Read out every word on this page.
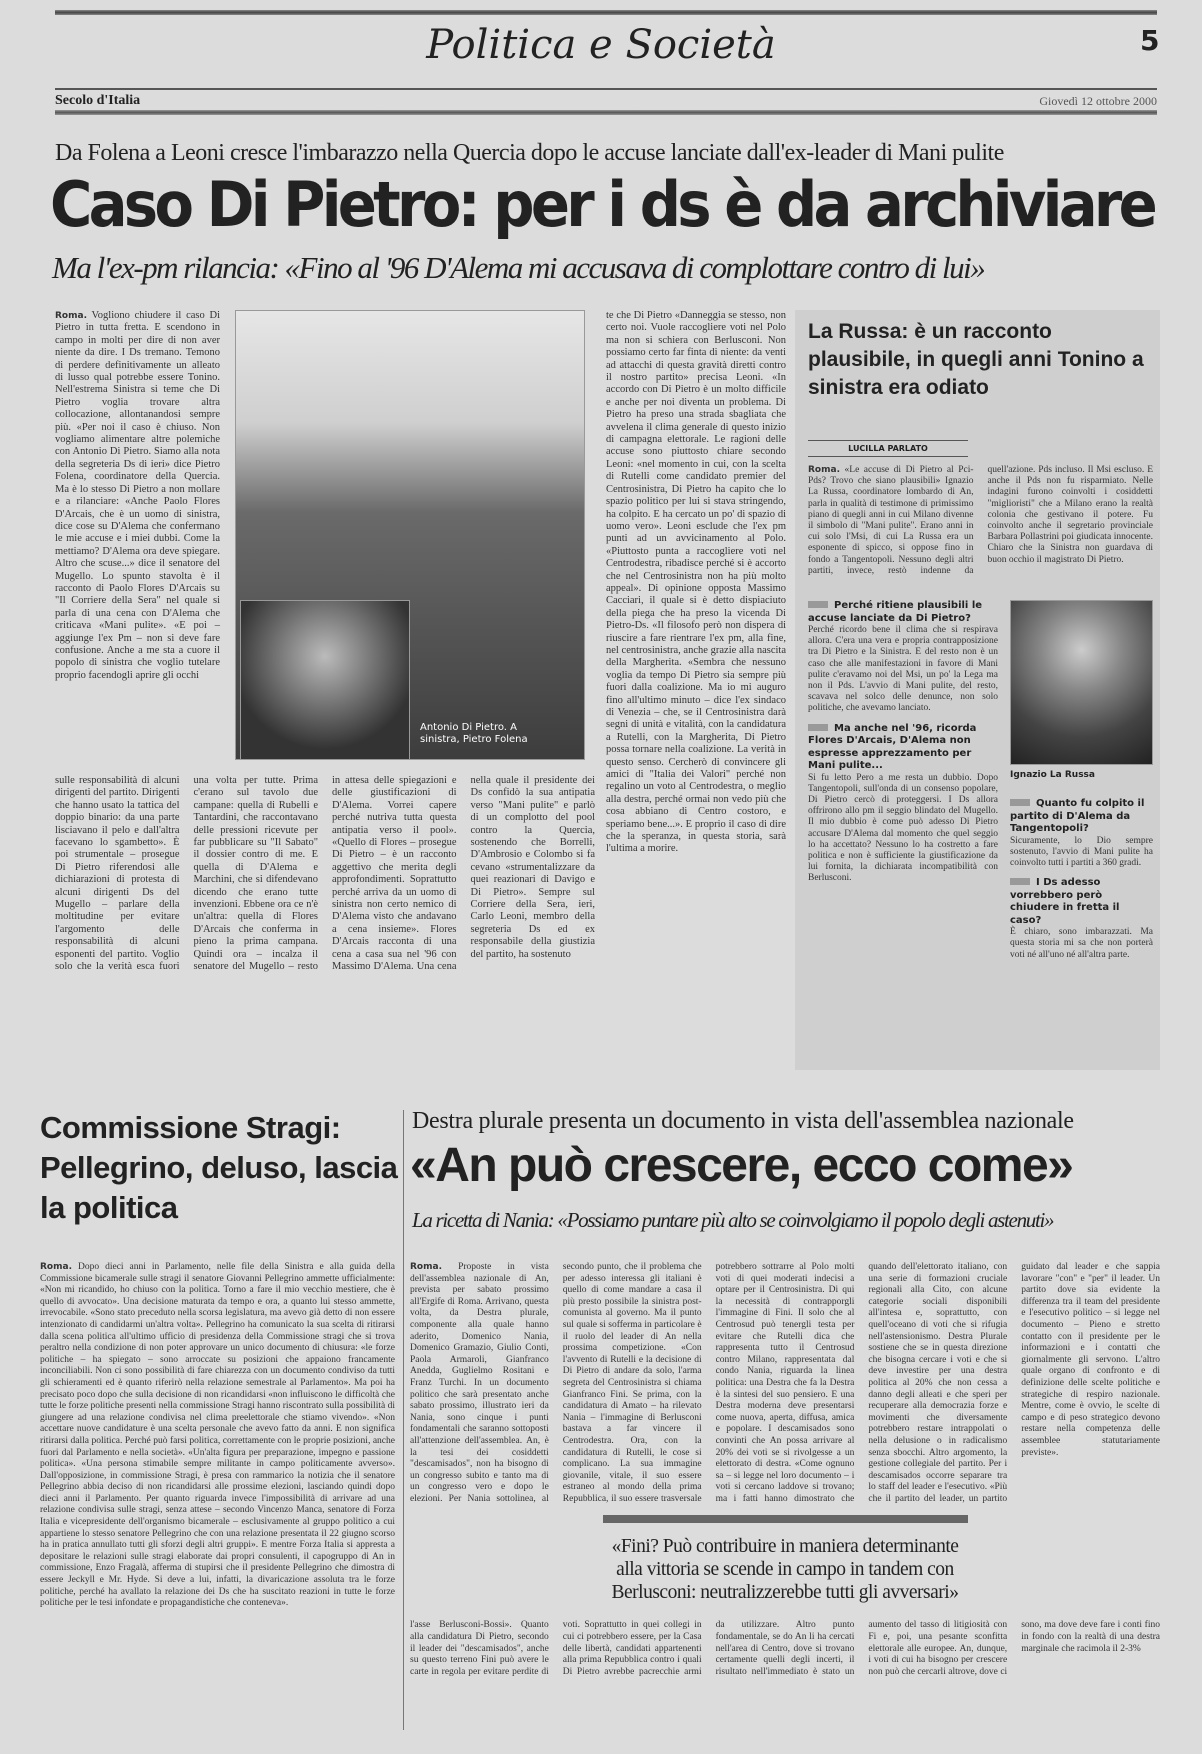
Politica e Società	5
Secolo d'Italia	Giovedì 12 ottobre 2000
Da Folena a Leoni cresce l'imbarazzo nella Quercia dopo le accuse lanciate dall'ex-leader di Mani pulite
Caso Di Pietro: per i ds è da archiviare
Ma l'ex-pm rilancia: «Fino al '96 D'Alema mi accusava di complottare contro di lui»
Roma. Vogliono chiudere il caso Di Pietro in tutta fretta. E scendono in campo in molti per dire di non aver niente da dire. I Ds tremano. Temono di perdere definitivamente un alleato di lusso qual potrebbe essere Tonino. Nell'estrema Sinistra si teme che Di Pietro voglia trovare altra collocazione, allontanandosi sempre più. «Per noi il caso è chiuso. Non vogliamo alimentare altre polemiche con Antonio Di Pietro. Siamo alla nota della segreteria Ds di ieri» dice Pietro Folena, coordinatore della Quercia. Ma è lo stesso Di Pietro a non mollare e a rilanciare: «Anche Paolo Flores D'Arcais, che è un uomo di sinistra, dice cose su D'Alema che confermano le mie accuse e i miei dubbi. Come la mettiamo? D'Alema ora deve spiegare. Altro che scuse...» dice il senatore del Mugello. Lo spunto stavolta è il racconto di Paolo Flores D'Arcais su "Il Corriere della Sera" nel quale si parla di una cena con D'Alema che criticava «Mani pulite». «E poi – aggiunge l'ex Pm – non si deve fare confusione. Anche a me sta a cuore il popolo di sinistra che voglio tutelare proprio facendogli aprire gli occhi
Antonio Di Pietro. A sinistra, Pietro Folena
sulle responsabilità di alcuni dirigenti del partito. Dirigenti che hanno usato la tattica del doppio binario: da una parte lisciavano il pelo e dall'altra facevano lo sgambetto». È poi strumentale – prosegue Di Pietro riferendosi alle dichiarazioni di protesta di alcuni dirigenti Ds del Mugello – parlare della moltitudine per evitare l'argomento delle responsabilità di alcuni esponenti del partito. Voglio solo che la verità esca fuori una volta per tutte. Prima c'erano sul tavolo due campane: quella di Rubelli e Tantardini, che raccontavano delle pressioni ricevute per far pubblicare su "Il Sabato" il dossier contro di me. E quella di D'Alema e Marchini, che si difendevano dicendo che erano tutte invenzioni. Ebbene ora ce n'è un'altra: quella di Flores D'Arcais che conferma in pieno la prima campana. Quindi ora – incalza il senatore del Mugello – resto in attesa delle spiegazioni e delle giustificazioni di D'Alema. Vorrei capere perché nutriva tutta questa antipatia verso il pool». «Quello di Flores – prosegue Di Pietro – è un racconto aggettivo che merita degli approfondimenti. Soprattutto perché arriva da un uomo di sinistra non certo nemico di D'Alema visto che andavano a cena insieme». Flores D'Arcais racconta di una cena a casa sua nel '96 con Massimo D'Alema. Una cena nella quale il presidente dei Ds confidò la sua antipatia verso "Mani pulite" e parlò di un complotto del pool contro la Quercia, sostenendo che Borrelli, D'Ambrosio e Colombo si fa cevano «strumentalizzare da quei reazionari di Davigo e Di Pietro». Sempre sul Corriere della Sera, ieri, Carlo Leoni, membro della segreteria Ds ed ex responsabile della giustizia del partito, ha sostenuto
te che Di Pietro «Danneggia se stesso, non certo noi. Vuole raccogliere voti nel Polo ma non si schiera con Berlusconi. Non possiamo certo far finta di niente: da venti ad attacchi di questa gravità diretti contro il nostro partito» precisa Leoni. «In accordo con Di Pietro è un molto difficile e anche per noi diventa un problema. Di Pietro ha preso una strada sbagliata che avvelena il clima generale di questo inizio di campagna elettorale. Le ragioni delle accuse sono piuttosto chiare secondo Leoni: «nel momento in cui, con la scelta di Rutelli come candidato premier del Centrosinistra, Di Pietro ha capito che lo spazio politico per lui si stava stringendo, ha colpito. E ha cercato un po' di spazio di uomo vero». Leoni esclude che l'ex pm punti ad un avvicinamento al Polo. «Piuttosto punta a raccogliere voti nel Centrodestra, ribadisce perché si è accorto che nel Centrosinistra non ha più molto appeal». Di opinione opposta Massimo Cacciari, il quale si è detto dispiaciuto della piega che ha preso la vicenda Di Pietro-Ds. «Il filosofo però non dispera di riuscire a fare rientrare l'ex pm, alla fine, nel centrosinistra, anche grazie alla nascita della Margherita. «Sembra che nessuno voglia da tempo Di Pietro sia sempre più fuori dalla coalizione. Ma io mi auguro fino all'ultimo minuto – dice l'ex sindaco di Venezia – che, se il Centrosinistra darà segni di unità e vitalità, con la candidatura a Rutelli, con la Margherita, Di Pietro possa tornare nella coalizione. La verità in questo senso. Cercherò di convincere gli amici di "Italia dei Valori" perché non regalino un voto al Centrodestra, o meglio alla destra, perché ormai non vedo più che cosa abbiano di Centro costoro, e speriamo bene...». E proprio il caso di dire che la speranza, in questa storia, sarà l'ultima a morire.
La Russa: è un racconto plausibile, in quegli anni Tonino a sinistra era odiato
LUCILLA PARLATO
Roma. «Le accuse di Di Pietro al Pci-Pds? Trovo che siano plausibili» Ignazio La Russa, coordinatore lombardo di An, parla in qualità di testimone di primissimo piano di quegli anni in cui Milano divenne il simbolo di "Mani pulite". Erano anni in cui solo l'Msi, di cui La Russa era un esponente di spicco, si oppose fino in fondo a Tangentopoli. Nessuno degli altri partiti, invece, restò indenne da quell'azione. Pds incluso. Il Msi escluso. E anche il Pds non fu risparmiato. Nelle indagini furono coinvolti i cosiddetti "miglioristi" che a Milano erano la realtà colonia che gestivano il potere. Fu coinvolto anche il segretario provinciale Barbara Pollastrini poi giudicata innocente. Chiaro che la Sinistra non guardava di buon occhio il magistrato Di Pietro.
Ignazio La Russa
Perché ritiene plausibili le accuse lanciate da Di Pietro?
Perché ricordo bene il clima che si respirava allora. C'era una vera e propria contrapposizione tra Di Pietro e la Sinistra. E del resto non è un caso che alle manifestazioni in favore di Mani pulite c'eravamo noi del Msi, un po' la Lega ma non il Pds. L'avvio di Mani pulite, del resto, scavava nel solco delle denunce, non solo politiche, che avevamo lanciato.
Ma anche nel '96, ricorda Flores D'Arcais, D'Alema non espresse apprezzamento per Mani pulite...
Si fu letto Pero a me resta un dubbio. Dopo Tangentopoli, sull'onda di un consenso popolare, Di Pietro cercò di proteggersi. I Ds allora offrirono allo pm il seggio blindato del Mugello. Il mio dubbio è come può adesso Di Pietro accusare D'Alema dal momento che quel seggio lo ha accettato? Nessuno lo ha costretto a fare politica e non è sufficiente la giustificazione da lui fornita, la dichiarata incompatibilità con Berlusconi.
Quanto fu colpito il partito di D'Alema da Tangentopoli?
Sicuramente, lo Dio sempre sostenuto, l'avvio di Mani pulite ha coinvolto tutti i partiti a 360 gradi.
I Ds adesso vorrebbero però chiudere in fretta il caso?
È chiaro, sono imbarazzati. Ma questa storia mi sa che non porterà voti né all'uno né all'altra parte.
Commissione Stragi: Pellegrino, deluso, lascia la politica
Roma. Dopo dieci anni in Parlamento, nelle file della Sinistra e alla guida della Commissione bicamerale sulle stragi il senatore Giovanni Pellegrino ammette ufficialmente: «Non mi ricandido, ho chiuso con la politica. Torno a fare il mio vecchio mestiere, che è quello di avvocato». Una decisione maturata da tempo e ora, a quanto lui stesso ammette, irrevocabile. «Sono stato preceduto nella scorsa legislatura, ma avevo già detto di non essere intenzionato di candidarmi un'altra volta». Pellegrino ha comunicato la sua scelta di ritirarsi dalla scena politica all'ultimo ufficio di presidenza della Commissione stragi che si trova peraltro nella condizione di non poter approvare un unico documento di chiusura: «le forze politiche – ha spiegato – sono arroccate su posizioni che appaiono francamente inconciliabili. Non ci sono possibilità di fare chiarezza con un documento condiviso da tutti gli schieramenti ed è quanto riferirò nella relazione semestrale al Parlamento». Ma poi ha precisato poco dopo che sulla decisione di non ricandidarsi «non influiscono le difficoltà che tutte le forze politiche presenti nella commissione Stragi hanno riscontrato sulla possibilità di giungere ad una relazione condivisa nel clima preelettorale che stiamo vivendo». «Non accettare nuove candidature è una scelta personale che avevo fatto da anni. E non significa ritirarsi dalla politica. Perché può farsi politica, correttamente con le proprie posizioni, anche fuori dal Parlamento e nella società». «Un'alta figura per preparazione, impegno e passione politica». «Una persona stimabile sempre militante in campo politicamente avverso». Dall'opposizione, in commissione Stragi, è presa con rammarico la notizia che il senatore Pellegrino abbia deciso di non ricandidarsi alle prossime elezioni, lasciando quindi dopo dieci anni il Parlamento. Per quanto riguarda invece l'impossibilità di arrivare ad una relazione condivisa sulle stragi, senza attese – secondo Vincenzo Manca, senatore di Forza Italia e vicepresidente dell'organismo bicamerale – esclusivamente al gruppo politico a cui appartiene lo stesso senatore Pellegrino che con una relazione presentata il 22 giugno scorso ha in pratica annullato tutti gli sforzi degli altri gruppi». E mentre Forza Italia si appresta a depositare le relazioni sulle stragi elaborate dai propri consulenti, il capogruppo di An in commissione, Enzo Fragalà, afferma di stupirsi che il presidente Pellegrino che dimostra di essere Jeckyll e Mr. Hyde. Si deve a lui, infatti, la divaricazione assoluta tra le forze politiche, perché ha avallato la relazione dei Ds che ha suscitato reazioni in tutte le forze politiche per le tesi infondate e propagandistiche che conteneva».
Destra plurale presenta un documento in vista dell'assemblea nazionale
«An può crescere, ecco come»
La ricetta di Nania: «Possiamo puntare più alto se coinvolgiamo il popolo degli astenuti»
Roma. Proposte in vista dell'assemblea nazionale di An, prevista per sabato prossimo all'Ergife di Roma. Arrivano, questa volta, da Destra plurale, componente alla quale hanno aderito, Domenico Nania, Domenico Gramazio, Giulio Conti, Paola Armaroli, Gianfranco Anedda, Guglielmo Rositani e Franz Turchi. In un documento politico che sarà presentato anche sabato prossimo, illustrato ieri da Nania, sono cinque i punti fondamentali che saranno sottoposti all'attenzione dell'assemblea. An, è la tesi dei cosiddetti "descamisados", non ha bisogno di un congresso subito e tanto ma di un congresso vero e dopo le elezioni. Per Nania sottolinea, al secondo punto, che il problema che per adesso interessa gli italiani è quello di come mandare a casa il più presto possibile la sinistra post-comunista al governo. Ma il punto sul quale si sofferma in particolare è il ruolo del leader di An nella prossima competizione. «Con l'avvento di Rutelli e la decisione di Di Pietro di andare da solo, l'arma segreta del Centrosinistra si chiama Gianfranco Fini. Se prima, con la candidatura di Amato – ha rilevato Nania – l'immagine di Berlusconi bastava a far vincere il Centrodestra. Ora, con la candidatura di Rutelli, le cose si complicano. La sua immagine giovanile, vitale, il suo essere estraneo al mondo della prima Repubblica, il suo essere trasversale potrebbero sottrarre al Polo molti voti di quei moderati indecisi a optare per il Centrosinistra. Di qui la necessità di contrapporgli l'immagine di Fini. Il solo che al Centrosud può tenergli testa per evitare che Rutelli dica che rappresenta tutto il Centrosud contro Milano, rappresentata dal condo Nania, riguarda la linea politica: una Destra che fa la Destra è la sintesi del suo pensiero. E una Destra moderna deve presentarsi come nuova, aperta, diffusa, amica e popolare. I descamisados sono convinti che An possa arrivare al 20% dei voti se si rivolgesse a un elettorato di destra. «Come ognuno sa – si legge nel loro documento – i voti si cercano laddove si trovano; ma i fatti hanno dimostrato che quando dell'elettorato italiano, con una serie di formazioni cruciale regionali alla Cito, con alcune categorie sociali disponibili all'intesa e, soprattutto, con quell'oceano di voti che si rifugia nell'astensionismo. Destra Plurale sostiene che se in questa direzione che bisogna cercare i voti e che si deve investire per una destra politica al 20% che non cessa a danno degli alleati e che speri per recuperare alla democrazia forze e movimenti che diversamente potrebbero restare intrappolati o nella delusione o in radicalismo senza sbocchi. Altro argomento, la gestione collegiale del partito. Per i descamisados occorre separare tra lo staff del leader e l'esecutivo. «Più che il partito del leader, un partito guidato dal leader e che sappia lavorare "con" e "per" il leader. Un partito dove sia evidente la differenza tra il team del presidente e l'esecutivo politico – si legge nel documento – Pieno e stretto contatto con il presidente per le informazioni e i contatti che giornalmente gli servono. L'altro quale organo di confronto e di definizione delle scelte politiche e strategiche di respiro nazionale. Mentre, come è ovvio, le scelte di campo e di peso strategico devono restare nella competenza delle assemblee statutariamente previste».
«Fini? Può contribuire in maniera determinante alla vittoria se scende in campo in tandem con Berlusconi: neutralizzerebbe tutti gli avversari»
l'asse Berlusconi-Bossi». Quanto alla candidatura Di Pietro, secondo il leader dei "descamisados", anche su questo terreno Fini può avere le carte in regola per evitare perdite di voti. Soprattutto in quei collegi in cui ci potrebbero essere, per la Casa delle libertà, candidati appartenenti alla prima Repubblica contro i quali Di Pietro avrebbe pacrecchie armi da utilizzare. Altro punto fondamentale, se do An li ha cercati nell'area di Centro, dove si trovano certamente quelli degli incerti, il risultato nell'immediato è stato un aumento del tasso di litigiosità con Fi e, poi, una pesante sconfitta elettorale alle europee. An, dunque, i voti di cui ha bisogno per crescere non può che cercarli altrove, dove ci sono, ma dove deve fare i conti fino in fondo con la realtà di una destra marginale che racimola il 2-3%
